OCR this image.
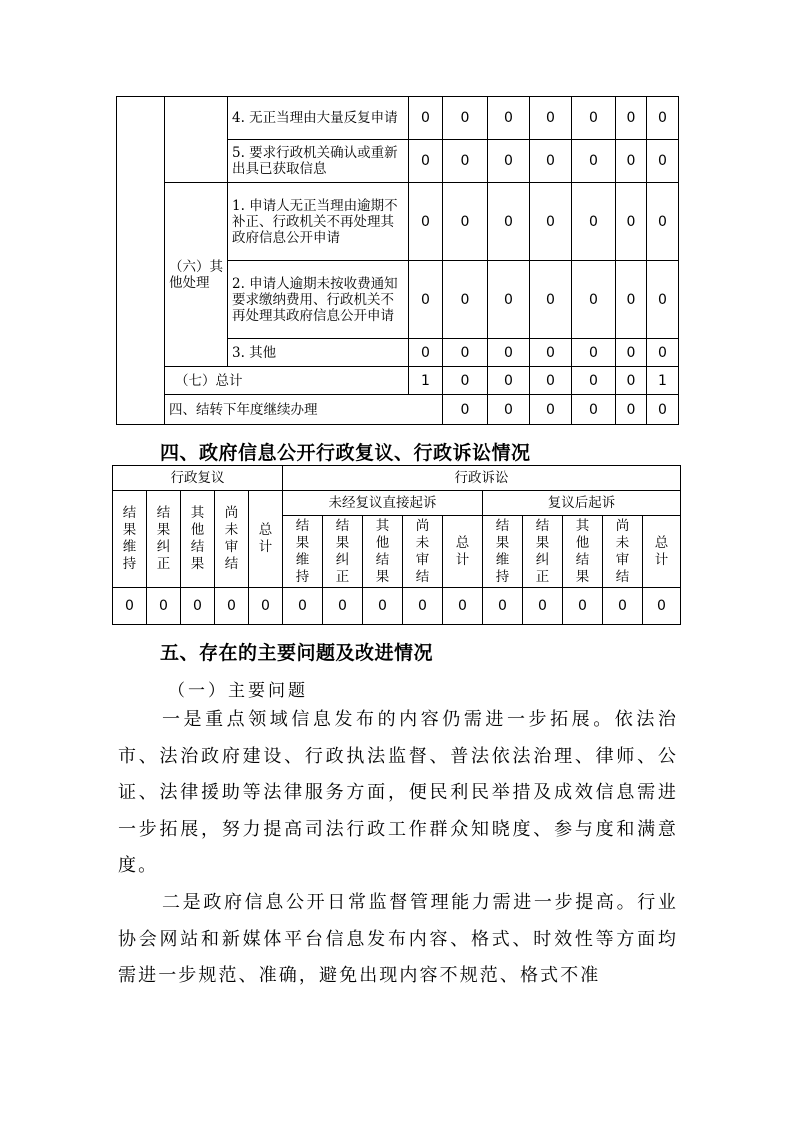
		4. 无正当理由大量反复申请	0	0	0	0	0	0	0	
		5. 要求行政机关确认或重新出具已获取信息	0	0	0	0	0	0	0	
	（六）其他处理	1. 申请人无正当理由逾期不补正、行政机关不再处理其政府信息公开申请	0	0	0	0	0	0	0	
		2. 申请人逾期未按收费通知要求缴纳费用、行政机关不再处理其政府信息公开申请	0	0	0	0	0	0	0	
		3. 其他	0	0	0	0	0	0	0	
	（七）总计		1	0	0	0	0	0	1	
	四、结转下年度继续办理			0	0	0	0	0	0	
四、政府信息公开行政复议、行政诉讼情况
行政复议					行政诉讼									
结果维持	结果纠正	其他结果	尚未审结	总计	未经复议直接起诉					复议后起诉				
					结果维持	结果纠正	其他结果	尚未审结	总计	结果维持	结果纠正	其他结果	尚未审结	总计
0	0	0	0	0	0	0	0	0	0	0	0	0	0	0
五、存在的主要问题及改进情况
（一）主要问题

一是重点领域信息发布的内容仍需进一步拓展。依法治市、法治政府建设、行政执法监督、普法依法治理、律师、公证、法律援助等法律服务方面，便民利民举措及成效信息需进一步拓展，努力提高司法行政工作群众知晓度、参与度和满意度。

二是政府信息公开日常监督管理能力需进一步提高。行业协会网站和新媒体平台信息发布内容、格式、时效性等方面均需进一步规范、准确，避免出现内容不规范、格式不准
